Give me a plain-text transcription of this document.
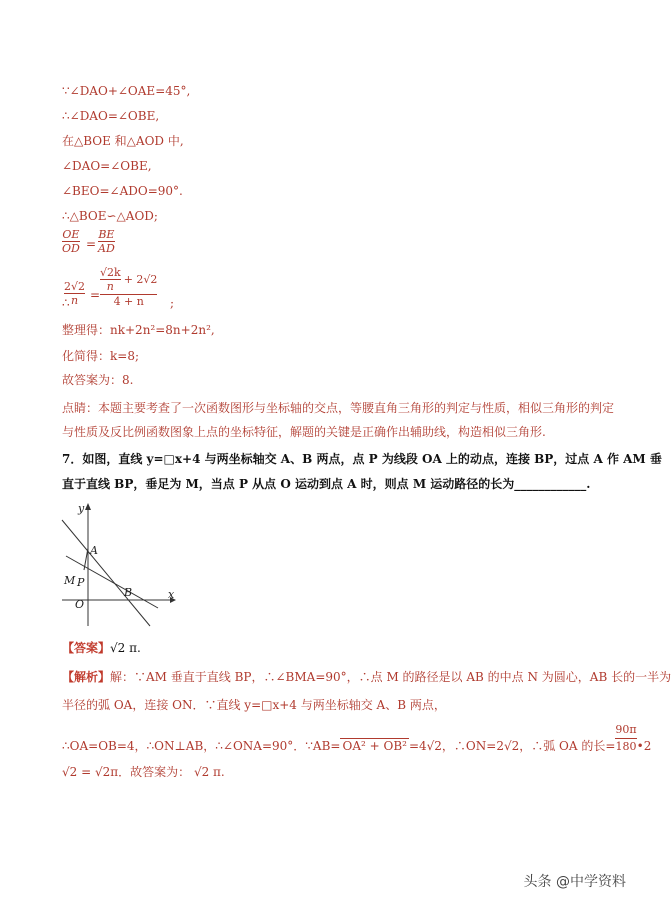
∵∠DAO+∠OAE=45°,
∴∠DAO=∠OBE,
在△BOE 和△AOD 中,
∠DAO=∠OBE,
∠BEO=∠ADO=90°.
∴△BOE∽△AOD;
OE
OD =
BE
AD
∴
2√2
n =
$\frac{√2k}{n} + 2√2$
4 + n ;
整理得：nk+2n²=8n+2n²,
化简得：k=8;
故答案为：8.
点睛：本题主要考查了一次函数图形与坐标轴的交点，等腰直角三角形的判定与性质，相似三角形的判定
与性质及反比例函数图象上点的坐标特征，解题的关键是正确作出辅助线，构造相似三角形.
7．如图，直线 y=□x+4 与两坐标轴交 A、B 两点，点 P 为线段 OA 上的动点，连接 BP，过点 A 作 AM 垂
直于直线 BP，垂足为 M，当点 P 从点 O 运动到点 A 时，则点 M 运动路径的长为____________.
y
x
A
M P
O
B
【答案】√2 π.
【解析】解：∵AM 垂直于直线 BP，∴∠BMA=90°，∴点 M 的路径是以 AB 的中点 N 为圆心，AB 长的一半为
半径的弧 OA，连接 ON．∵直线 y=□x+4 与两坐标轴交 A、B 两点，
∴OA=OB=4，∴ON⊥AB，∴∠ONA=90°．∵AB= OA² + OB² =4√2，∴ON=2√2，∴弧 OA 的长= $\frac{90\pi}{180}$ •2
√2 = √2π．故答案为： √2 π.
头条 @中学资料
